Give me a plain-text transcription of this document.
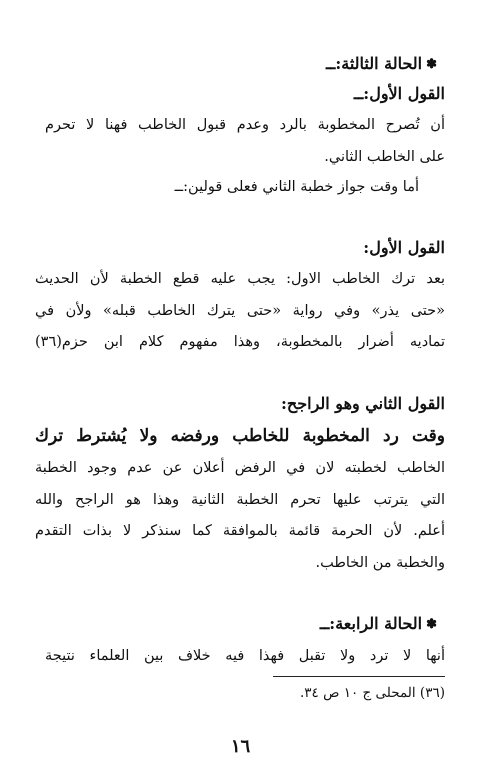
✽الحالة الثالثة:ــ
القول الأول:ــ
أن تُصرح المخطوبة بالرد وعدم قبول الخاطب فهنا لا تحرم
على الخاطب الثاني.
أما وقت جواز خطبة الثاني فعلى قولين:ــ
القول الأول:
بعد ترك الخاطب الاول: يجب عليه قطع الخطبة لأن الحديث
«حتى يذر» وفي رواية «حتى يترك الخاطب قبله» ولأن في
تماديه أضرار بالمخطوبة، وهذا مفهوم كلام ابن حزم(٣٦)
القول الثاني وهو الراجح:
وقت رد المخطوبة للخاطب ورفضه ولا يُشترط ترك
الخاطب لخطبته لان في الرفض أعلان عن عدم وجود الخطبة
التي يترتب عليها تحرم الخطبة الثانية وهذا هو الراجح والله
أعلم. لأن الحرمة قائمة بالموافقة كما سنذكر لا بذات التقدم
والخطبة من الخاطب.
✽الحالة الرابعة:ــ
أنها لا ترد ولا تقبل فهذا فيه خلاف بين العلماء نتيجة
(٣٦) المحلى ج ١٠ ص ٣٤.
١٦
